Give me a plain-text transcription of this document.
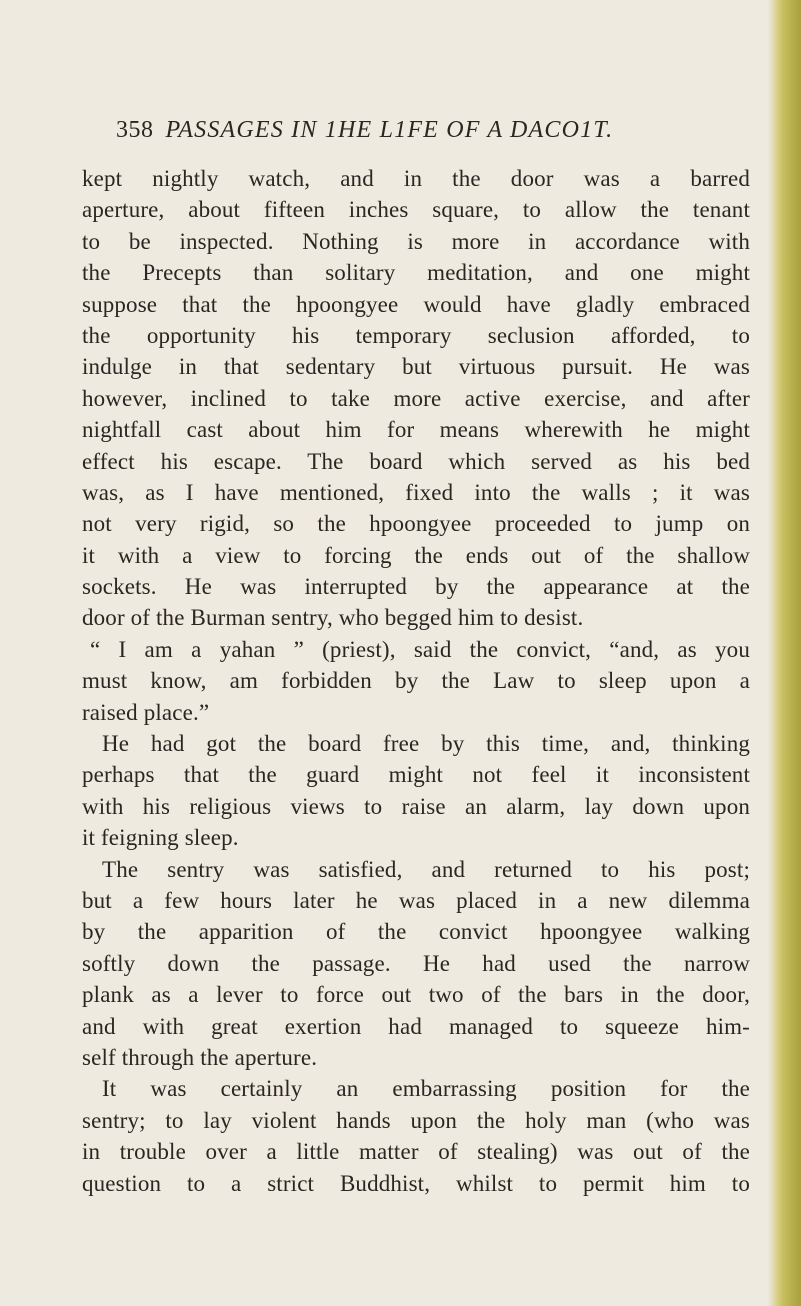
358 PASSAGES IN 1HE L1FE OF A DACO1T.
kept nightly watch, and in the door was a barred
aperture, about fifteen inches square, to allow the tenant
to be inspected. Nothing is more in accordance with
the Precepts than solitary meditation, and one might
suppose that the hpoongyee would have gladly embraced
the opportunity his temporary seclusion afforded, to
indulge in that sedentary but virtuous pursuit. He was
however, inclined to take more active exercise, and after
nightfall cast about him for means wherewith he might
effect his escape. The board which served as his bed
was, as I have mentioned, fixed into the walls ; it was
not very rigid, so the hpoongyee proceeded to jump on
it with a view to forcing the ends out of the shallow
sockets. He was interrupted by the appearance at the
door of the Burman sentry, who begged him to desist.
“ I am a yahan ” (priest), said the convict, “and, as you
must know, am forbidden by the Law to sleep upon a
raised place.”
He had got the board free by this time, and, thinking
perhaps that the guard might not feel it inconsistent
with his religious views to raise an alarm, lay down upon
it feigning sleep.
The sentry was satisfied, and returned to his post;
but a few hours later he was placed in a new dilemma
by the apparition of the convict hpoongyee walking
softly down the passage. He had used the narrow
plank as a lever to force out two of the bars in the door,
and with great exertion had managed to squeeze him-
self through the aperture.
It was certainly an embarrassing position for the
sentry; to lay violent hands upon the holy man (who was
in trouble over a little matter of stealing) was out of the
question to a strict Buddhist, whilst to permit him to
